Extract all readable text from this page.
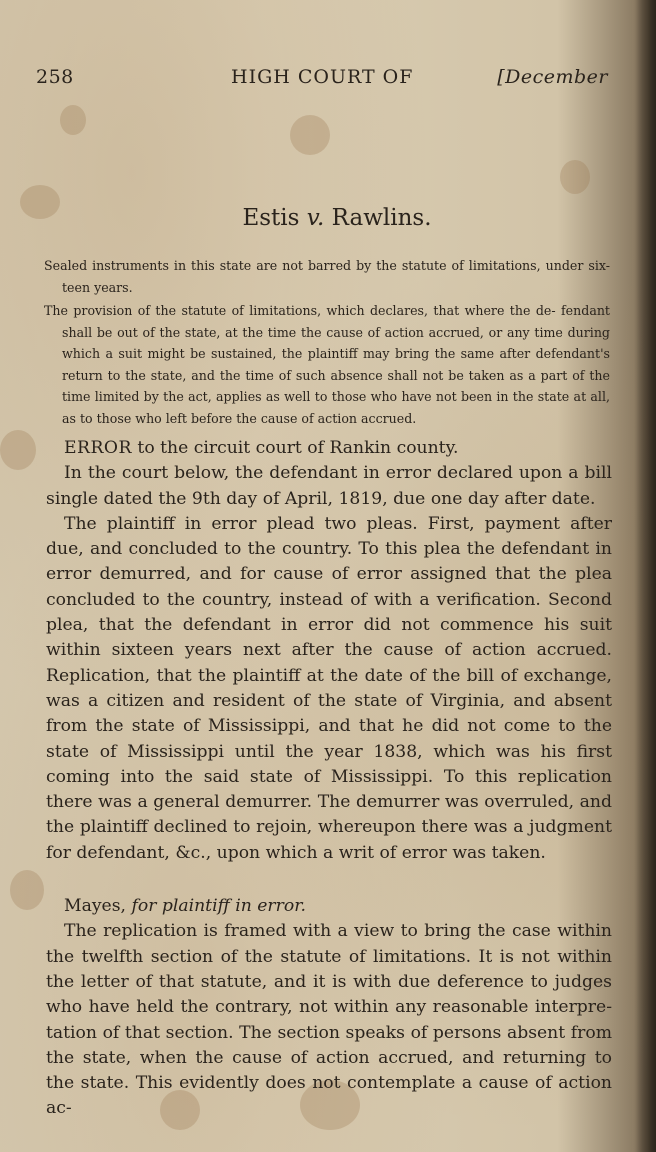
258	HIGH COURT OF	[December
Estis v. Rawlins.

Sealed instruments in this state are not barred by the statute of limitations, under six- teen years.

The provision of the statute of limitations, which declares, that where the de- fendant shall be out of the state, at the time the cause of action accrued, or any time during which a suit might be sustained, the plaintiff may bring the same after defendant's return to the state, and the time of such absence shall not be taken as a part of the time limited by the act, applies as well to those who have not been in the state at all, as to those who left before the cause of action accrued.

ERROR to the circuit court of Rankin county.

In the court below, the defendant in error declared upon a bill single dated the 9th day of April, 1819, due one day after date.

The plaintiff in error plead two pleas. First, payment after due, and concluded to the country. To this plea the defendant in error demurred, and for cause of error assigned that the plea concluded to the country, instead of with a verification. Second plea, that the defendant in error did not commence his suit within sixteen years next after the cause of action accrued. Replication, that the plaintiff at the date of the bill of exchange, was a citizen and resident of the state of Virginia, and absent from the state of Mississippi, and that he did not come to the state of Mississippi until the year 1838, which was his first coming into the said state of Mississippi. To this replication there was a general demurrer. The demurrer was overruled, and the plaintiff declined to rejoin, whereupon there was a judgment for defendant, &c., upon which a writ of error was taken.

Mayes, for plaintiff in error.

The replication is framed with a view to bring the case within the twelfth section of the statute of limitations. It is not within the letter of that statute, and it is with due deference to judges who have held the contrary, not within any reasonable interpre- tation of that section. The section speaks of persons absent from the state, when the cause of action accrued, and returning to the state. This evidently does not contemplate a cause of action ac-
